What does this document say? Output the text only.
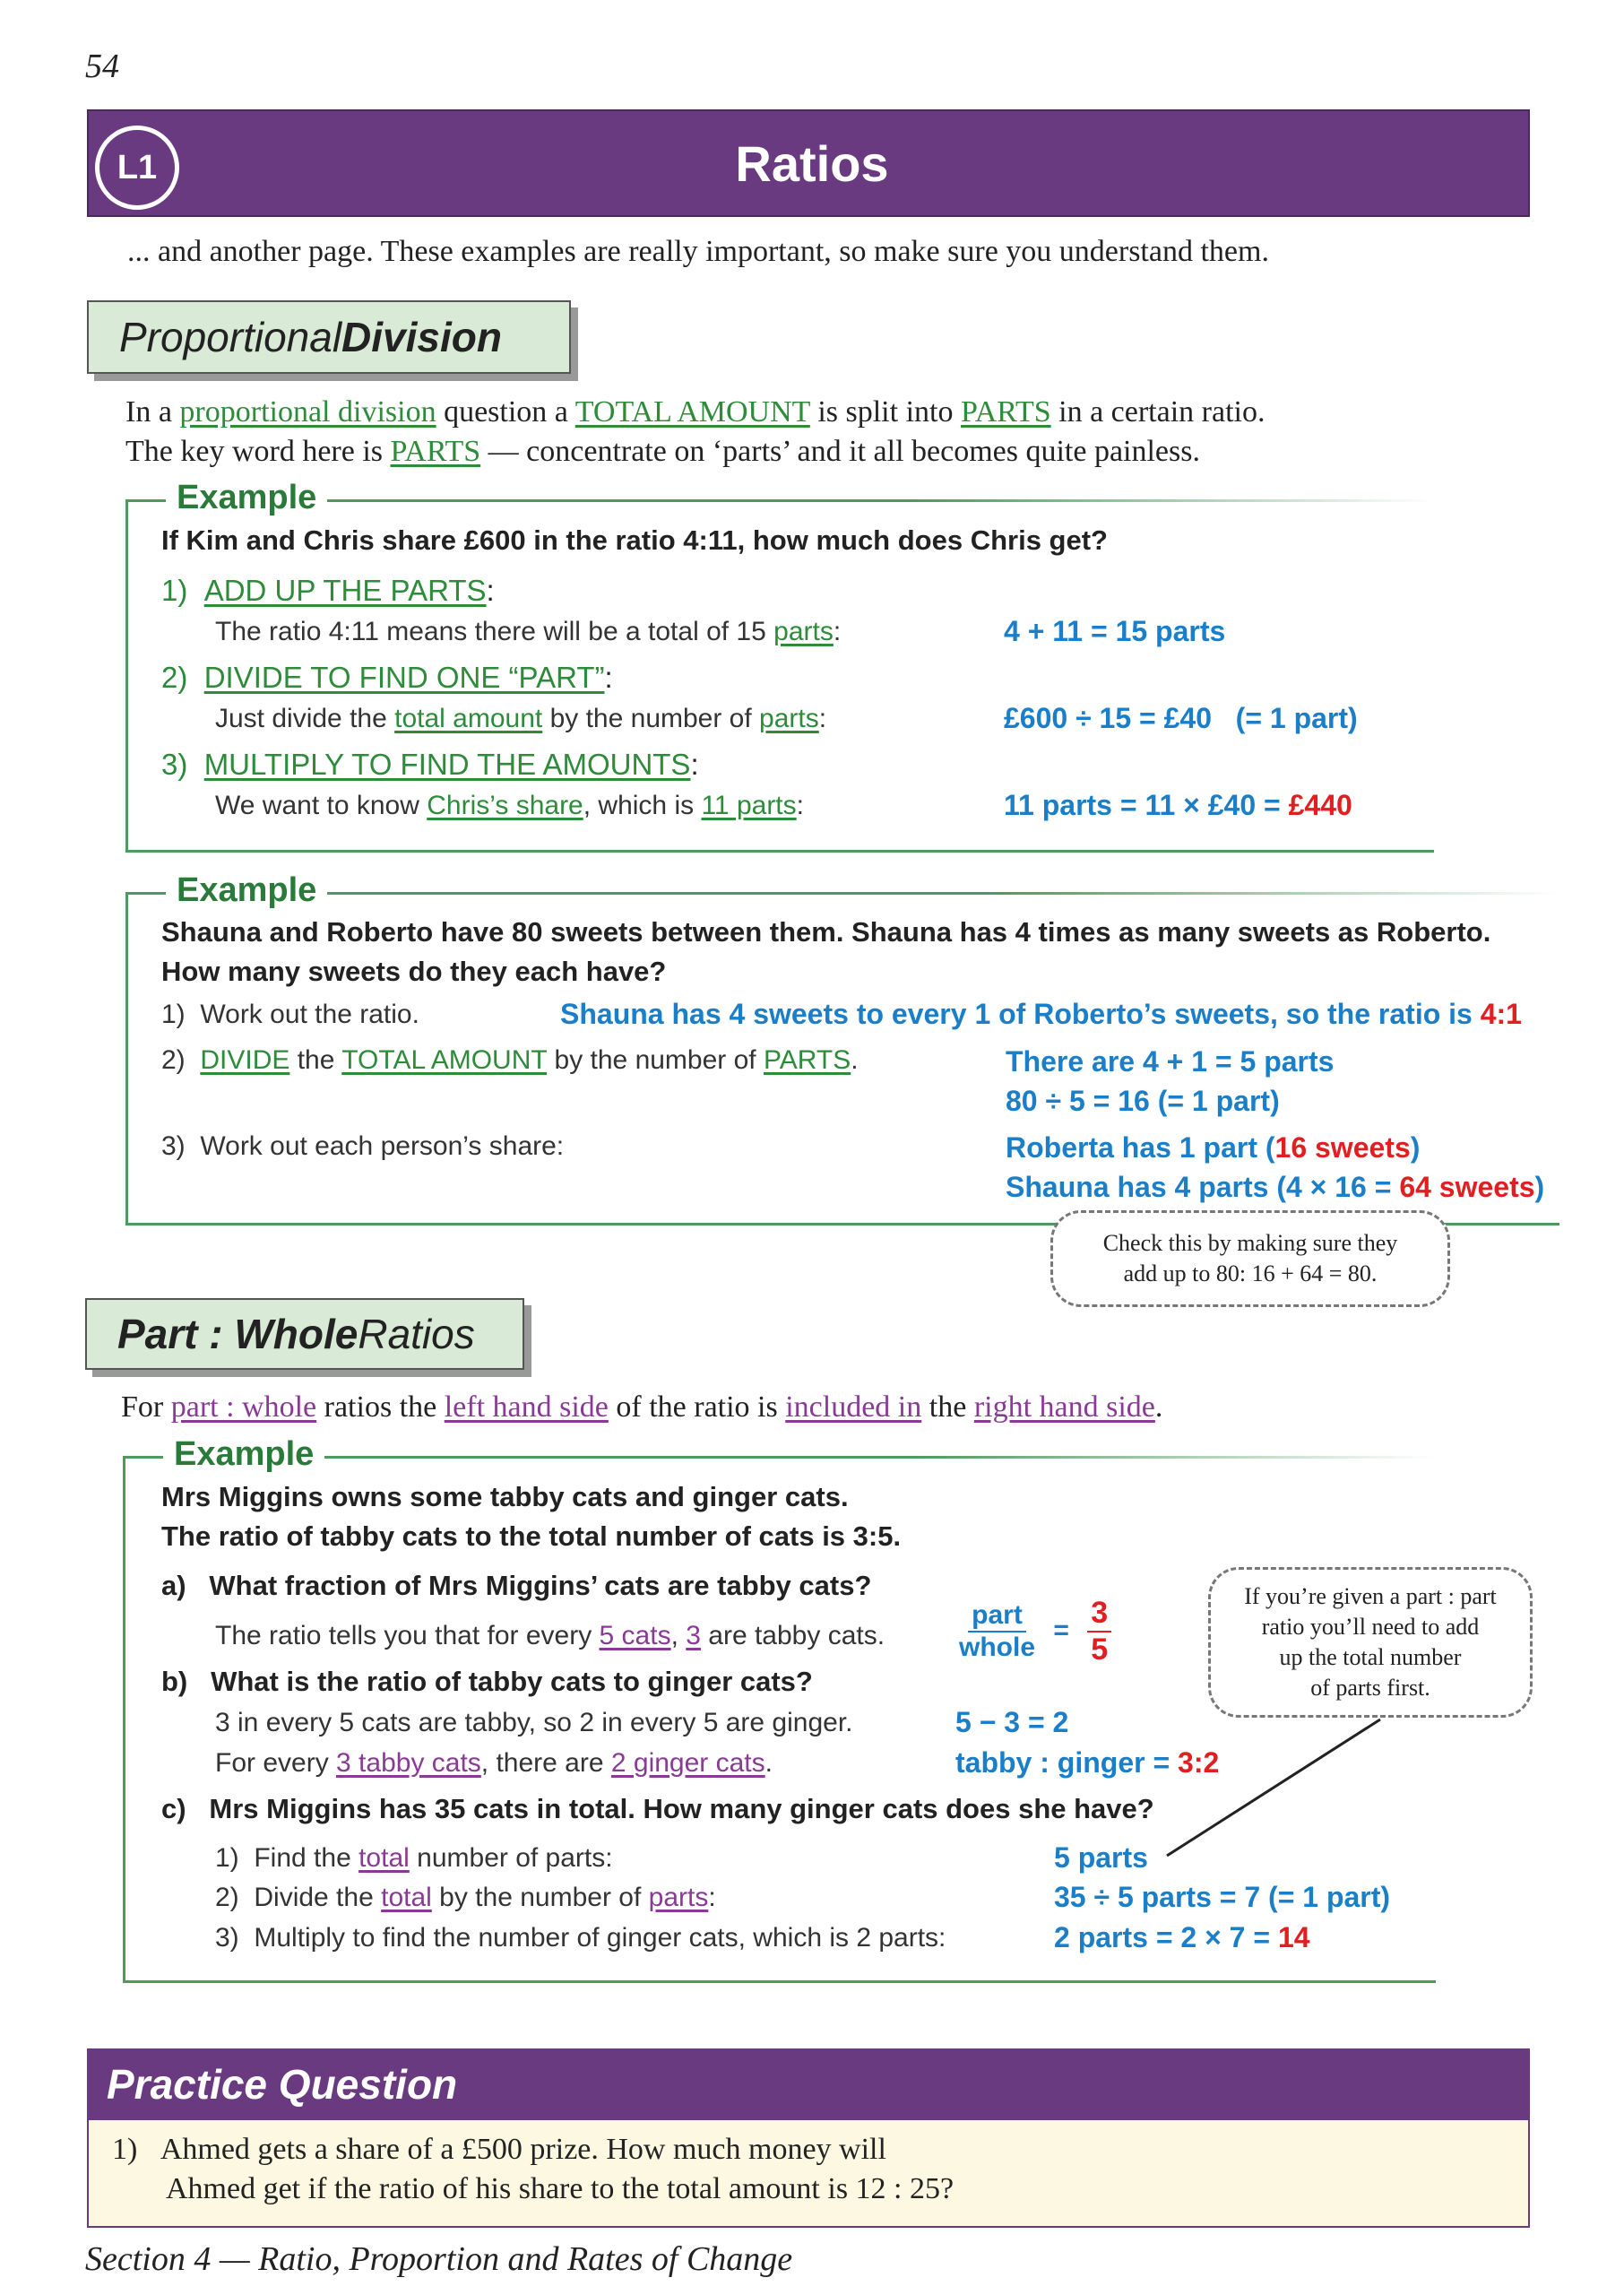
54
L1	Ratios
... and another page. These examples are really important, so make sure you understand them.
Proportional Division
In a proportional division question a TOTAL AMOUNT is split into PARTS in a certain ratio.
The key word here is PARTS — concentrate on ‘parts’ and it all becomes quite painless.
Example
If Kim and Chris share £600 in the ratio 4:11, how much does Chris get?
1) ADD UP THE PARTS:
The ratio 4:11 means there will be a total of 15 parts:	4 + 11 = 15 parts
2) DIVIDE TO FIND ONE “PART”:
Just divide the total amount by the number of parts:	£600 ÷ 15 = £40   (= 1 part)
3) MULTIPLY TO FIND THE AMOUNTS:
We want to know Chris’s share, which is 11 parts:	11 parts = 11 × £40 = £440
Example
Shauna and Roberto have 80 sweets between them. Shauna has 4 times as many sweets as Roberto.
How many sweets do they each have?
1) Work out the ratio.	Shauna has 4 sweets to every 1 of Roberto’s sweets, so the ratio is 4:1
2) DIVIDE the TOTAL AMOUNT by the number of PARTS.	There are 4 + 1 = 5 parts
80 ÷ 5 = 16 (= 1 part)
3) Work out each person’s share:	Roberta has 1 part (16 sweets)
Shauna has 4 parts (4 × 16 = 64 sweets)
Check this by making sure they
add up to 80: 16 + 64 = 80.
Part : Whole Ratios
For part : whole ratios the left hand side of the ratio is included in the right hand side.
Example
Mrs Miggins owns some tabby cats and ginger cats.
The ratio of tabby cats to the total number of cats is 3:5.
a) What fraction of Mrs Miggins’ cats are tabby cats?
The ratio tells you that for every 5 cats, 3 are tabby cats.	$\frac{\text{part}}{\text{whole}} = \frac{3}{5}$
b) What is the ratio of tabby cats to ginger cats?
3 in every 5 cats are tabby, so 2 in every 5 are ginger.	5 − 3 = 2
For every 3 tabby cats, there are 2 ginger cats.	tabby : ginger = 3:2
c) Mrs Miggins has 35 cats in total. How many ginger cats does she have?
1) Find the total number of parts:	5 parts
2) Divide the total by the number of parts:	35 ÷ 5 parts = 7 (= 1 part)
3) Multiply to find the number of ginger cats, which is 2 parts:	2 parts = 2 × 7 = 14
If you’re given a part : part
ratio you’ll need to add
up the total number
of parts first.
Practice Question
1) Ahmed gets a share of a £500 prize. How much money will
Ahmed get if the ratio of his share to the total amount is 12 : 25?
Section 4 — Ratio, Proportion and Rates of Change
